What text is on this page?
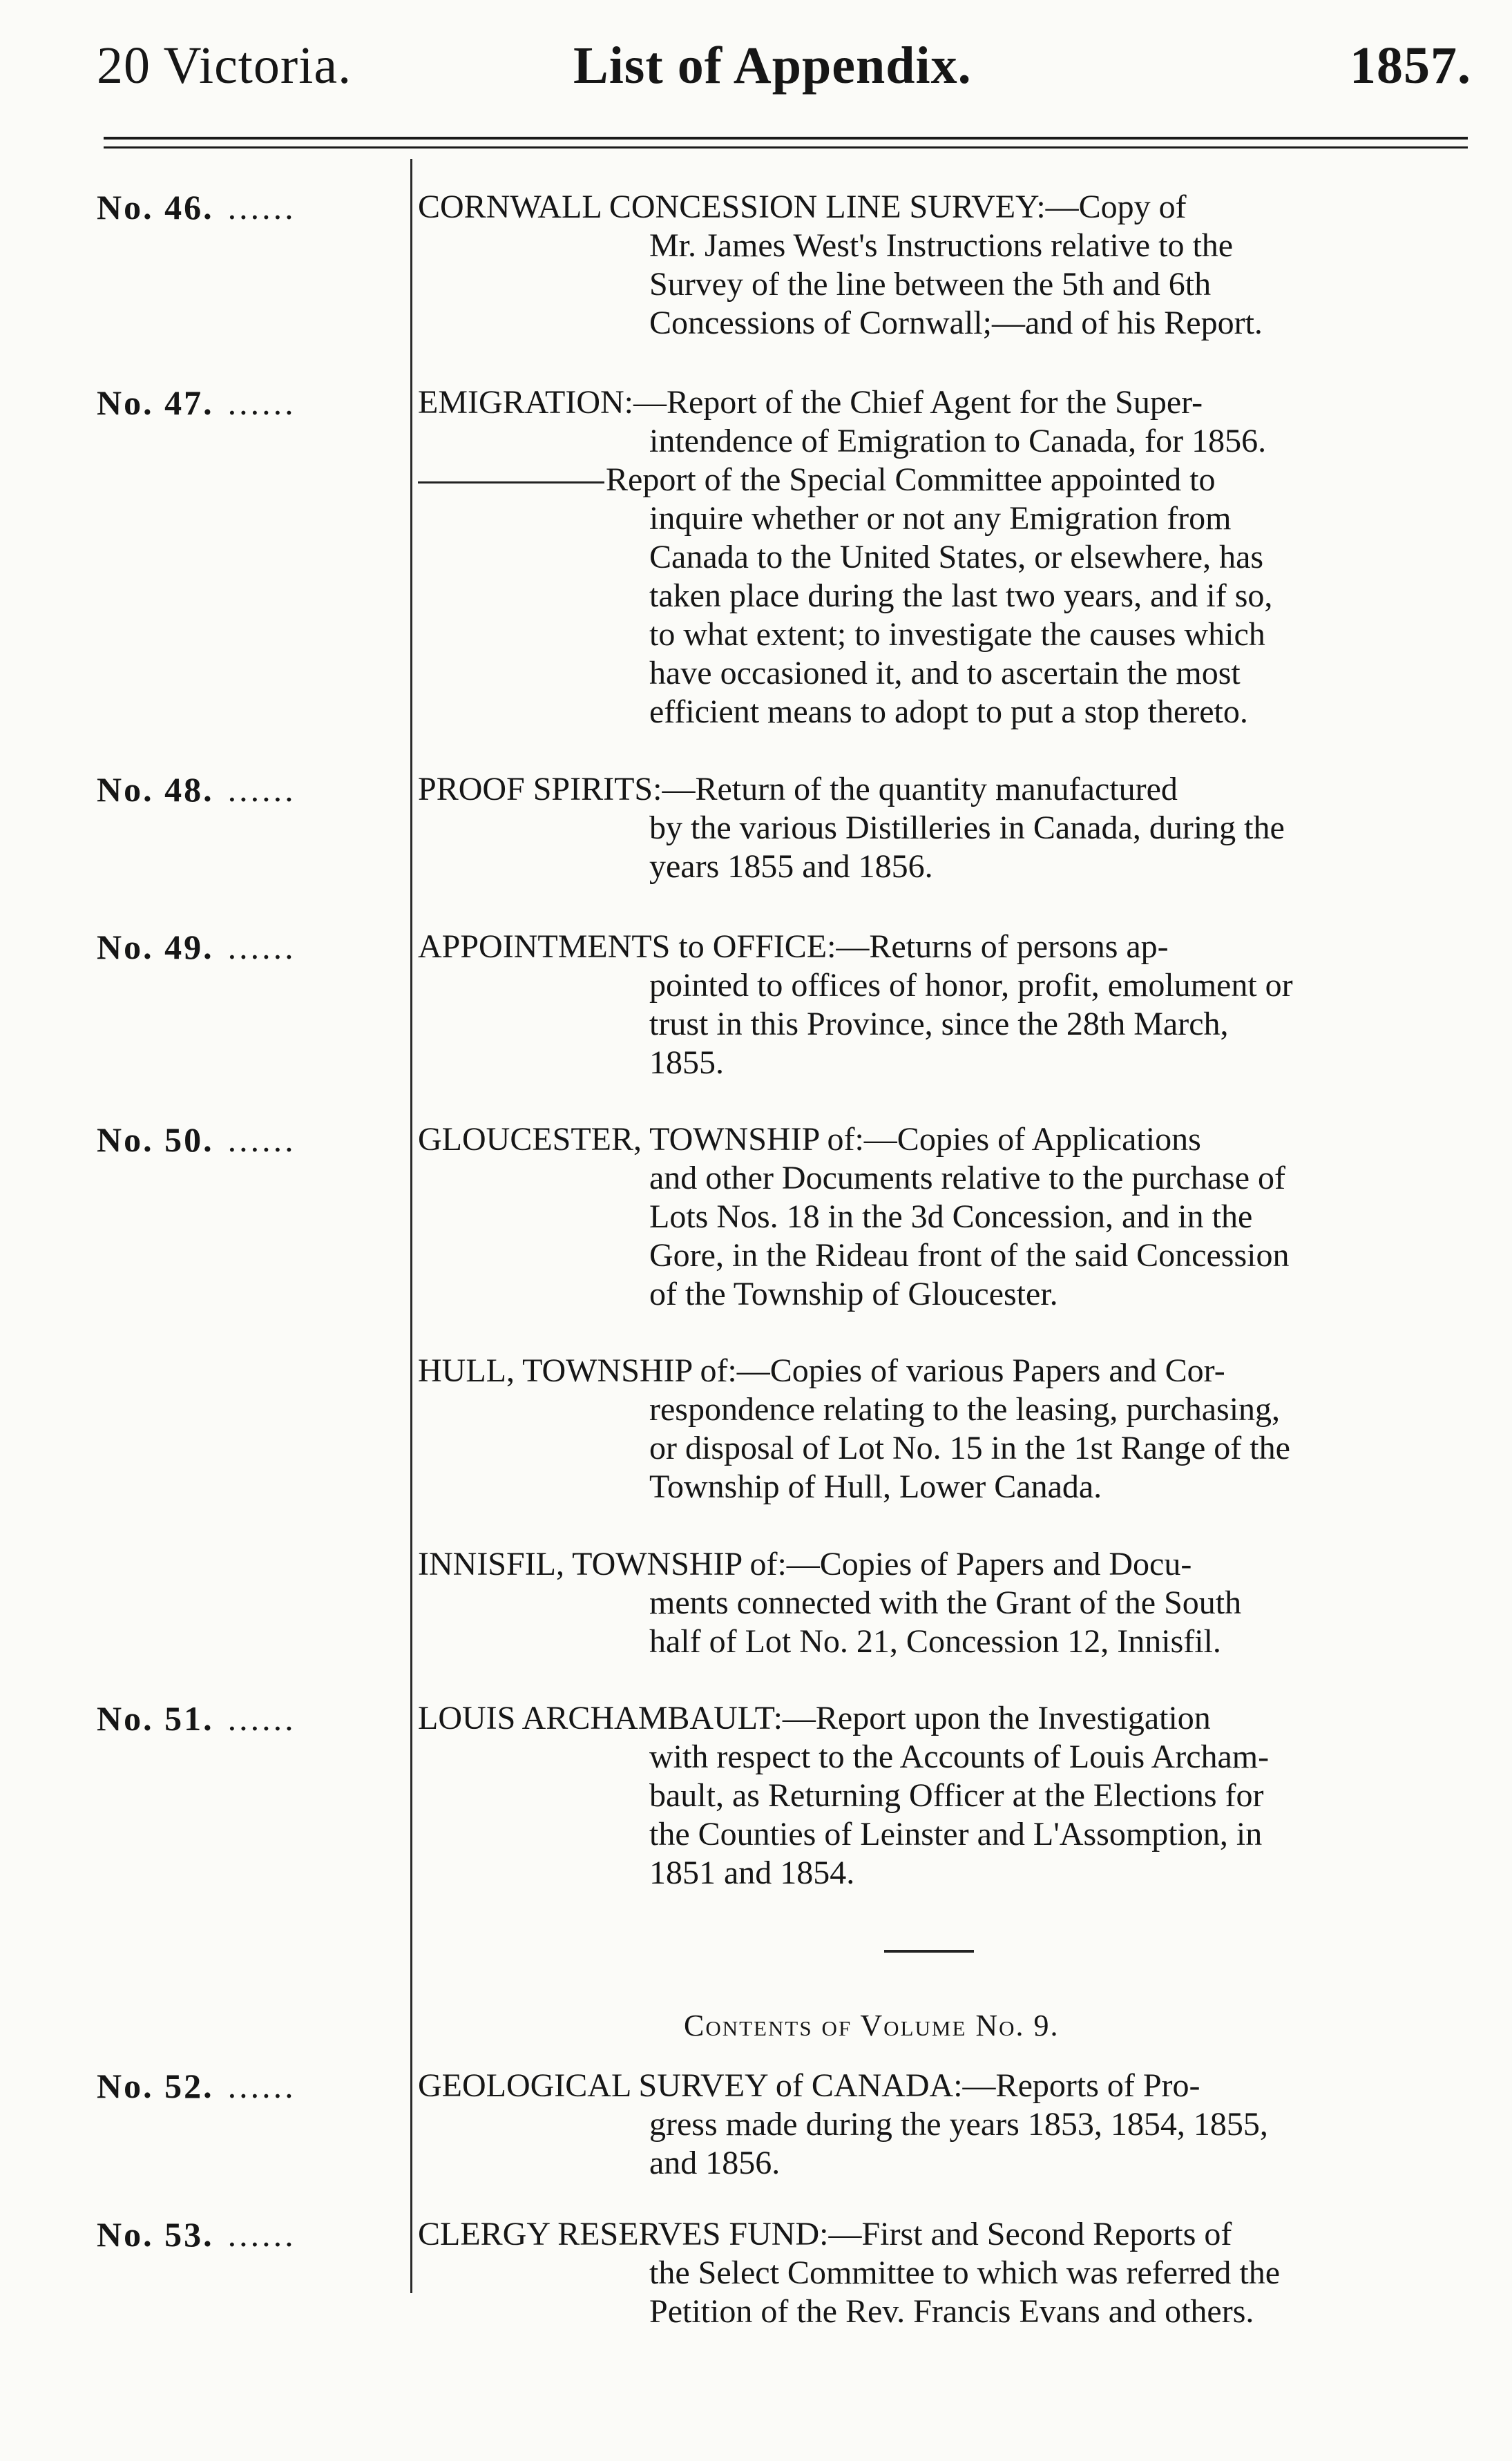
20 Victoria.	List of Appendix.	1857.
No. 46. ......	CORNWALL CONCESSION LINE SURVEY:—Copy of
Mr. James West's Instructions relative to the
Survey of the line between the 5th and 6th
Concessions of Cornwall;—and of his Report.
No. 47. ......	EMIGRATION:—Report of the Chief Agent for the Super-
intendence of Emigration to Canada, for 1856.
Report of the Special Committee appointed to
inquire whether or not any Emigration from
Canada to the United States, or elsewhere, has
taken place during the last two years, and if so,
to what extent; to investigate the causes which
have occasioned it, and to ascertain the most
efficient means to adopt to put a stop thereto.
No. 48. ......	PROOF SPIRITS:—Return of the quantity manufactured
by the various Distilleries in Canada, during the
years 1855 and 1856.
No. 49. ......	APPOINTMENTS to OFFICE:—Returns of persons ap-
pointed to offices of honor, profit, emolument or
trust in this Province, since the 28th March,
1855.
No. 50. ......	GLOUCESTER, TOWNSHIP of:—Copies of Applications
and other Documents relative to the purchase of
Lots Nos. 18 in the 3d Concession, and in the
Gore, in the Rideau front of the said Concession
of the Township of Gloucester.
HULL, TOWNSHIP of:—Copies of various Papers and Cor-
respondence relating to the leasing, purchasing,
or disposal of Lot No. 15 in the 1st Range of the
Township of Hull, Lower Canada.
INNISFIL, TOWNSHIP of:—Copies of Papers and Docu-
ments connected with the Grant of the South
half of Lot No. 21, Concession 12, Innisfil.
No. 51. ......	LOUIS ARCHAMBAULT:—Report upon the Investigation
with respect to the Accounts of Louis Archam-
bault, as Returning Officer at the Elections for
the Counties of Leinster and L'Assomption, in
1851 and 1854.
Contents of Volume No. 9.
No. 52. ......	GEOLOGICAL SURVEY of CANADA:—Reports of Pro-
gress made during the years 1853, 1854, 1855,
and 1856.
No. 53. ......	CLERGY RESERVES FUND:—First and Second Reports of
the Select Committee to which was referred the
Petition of the Rev. Francis Evans and others.
